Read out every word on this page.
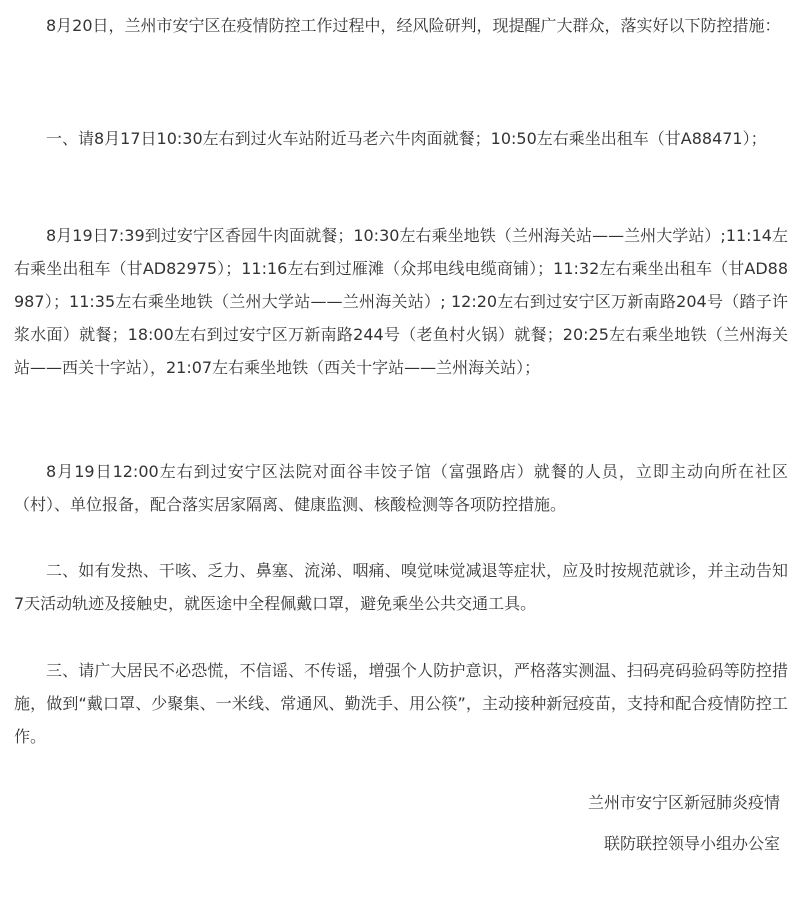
8月20日，兰州市安宁区在疫情防控工作过程中，经风险研判，现提醒广大群众，落实好以下防控措施：

一、请8月17日10:30左右到过火车站附近马老六牛肉面就餐；10:50左右乘坐出租车（甘A88471）；

8月19日7:39到过安宁区香园牛肉面就餐；10:30左右乘坐地铁（兰州海关站——兰州大学站）;11:14左右乘坐出租车（甘AD82975）；11:16左右到过雁滩（众邦电线电缆商铺）；11:32左右乘坐出租车（甘AD88987）；11:35左右乘坐地铁（兰州大学站——兰州海关站）; 12:20左右到过安宁区万新南路204号（踏子许浆水面）就餐；18:00左右到过安宁区万新南路244号（老鱼村火锅）就餐；20:25左右乘坐地铁（兰州海关站——西关十字站），21:07左右乘坐地铁（西关十字站——兰州海关站）；

8月19日12:00左右到过安宁区法院对面谷丰饺子馆（富强路店）就餐的人员，立即主动向所在社区（村）、单位报备，配合落实居家隔离、健康监测、核酸检测等各项防控措施。

二、如有发热、干咳、乏力、鼻塞、流涕、咽痛、嗅觉味觉减退等症状，应及时按规范就诊，并主动告知7天活动轨迹及接触史，就医途中全程佩戴口罩，避免乘坐公共交通工具。

三、请广大居民不必恐慌，不信谣、不传谣，增强个人防护意识，严格落实测温、扫码亮码验码等防控措施，做到“戴口罩、少聚集、一米线、常通风、勤洗手、用公筷”，主动接种新冠疫苗，支持和配合疫情防控工作。

兰州市安宁区新冠肺炎疫情

联防联控领导小组办公室
